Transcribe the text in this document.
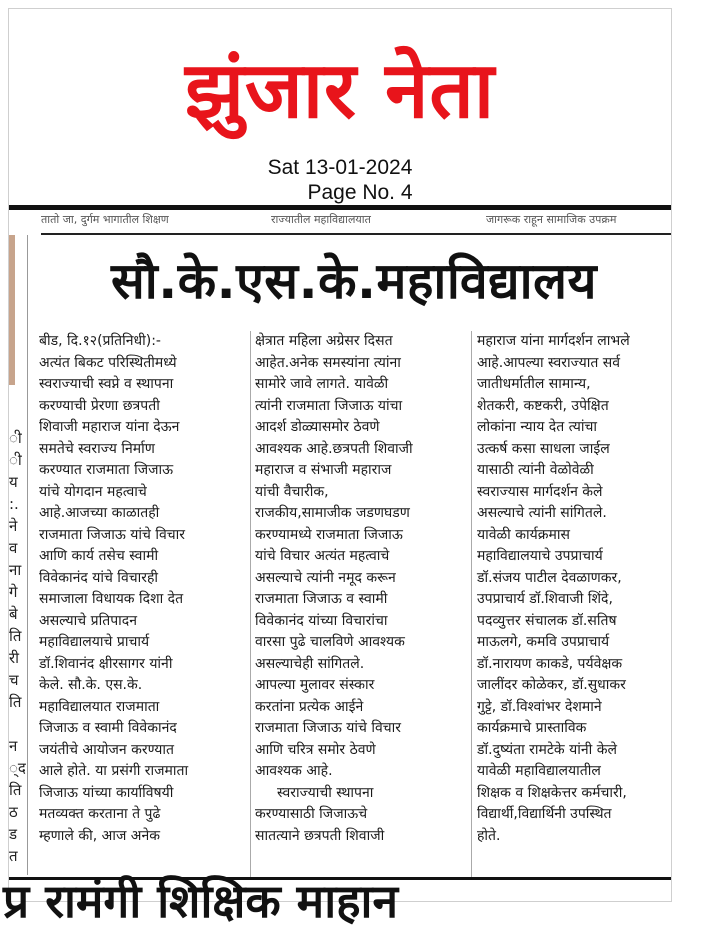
झुंजार नेता
Sat 13-01-2024
Page No. 4
तातो जा, दुर्गम भागातील शिक्षण	राज्यातील महाविद्यालयात	जागरूक राहून सामाजिक उपक्रम
ी
ी
य
:.
ने
व
ना
गे
बे
ति
री
च
ति
न
्द
ति
ठ
ड
त
सौ.के.एस.के.महाविद्यालय
बीड, दि.१२(प्रतिनिधी):-
अत्यंत बिकट परिस्थितीमध्ये
स्वराज्याची स्वप्ने व स्थापना
करण्याची प्रेरणा छत्रपती
शिवाजी महाराज यांना देऊन
समतेचे स्वराज्य निर्माण
करण्यात राजमाता जिजाऊ
यांचे योगदान महत्वाचे
आहे.आजच्या काळातही
राजमाता जिजाऊ यांचे विचार
आणि कार्य तसेच स्वामी
विवेकानंद यांचे विचारही
समाजाला विधायक दिशा देत
असल्याचे प्रतिपादन
महाविद्यालयाचे प्राचार्य
डॉ.शिवानंद क्षीरसागर यांनी
केले. सौ.के. एस.के.
महाविद्यालयात राजमाता
जिजाऊ व स्वामी विवेकानंद
जयंतीचे आयोजन करण्यात
आले होते. या प्रसंगी राजमाता
जिजाऊ यांच्या कार्याविषयी
मतव्यक्त करताना ते पुढे
म्हणाले की, आज अनेक
क्षेत्रात महिला अग्रेसर दिसत
आहेत.अनेक समस्यांना त्यांना
सामोरे जावे लागते. यावेळी
त्यांनी राजमाता जिजाऊ यांचा
आदर्श डोळ्यासमोर ठेवणे
आवश्यक आहे.छत्रपती शिवाजी
महाराज व संभाजी महाराज
यांची वैचारीक,
राजकीय,सामाजीक जडणघडण
करण्यामध्ये राजमाता जिजाऊ
यांचे विचार अत्यंत महत्वाचे
असल्याचे त्यांनी नमूद करून
राजमाता जिजाऊ व स्वामी
विवेकानंद यांच्या विचारांचा
वारसा पुढे चालविणे आवश्यक
असल्याचेही सांगितले.
आपल्या मुलावर संस्कार
करतांना प्रत्येक आईने
राजमाता जिजाऊ यांचे विचार
आणि चरित्र समोर ठेवणे
आवश्यक आहे.
स्वराज्याची स्थापना
करण्यासाठी जिजाऊचे
सातत्याने छत्रपती शिवाजी
महाराज यांना मार्गदर्शन लाभले
आहे.आपल्या स्वराज्यात सर्व
जातीधर्मातील सामान्य,
शेतकरी, कष्टकरी, उपेक्षित
लोकांना न्याय देत त्यांचा
उत्कर्ष कसा साधला जाईल
यासाठी त्यांनी वेळोवेळी
स्वराज्यास मार्गदर्शन केले
असल्याचे त्यांनी सांगितले.
यावेळी कार्यक्रमास
महाविद्यालयाचे उपप्राचार्य
डॉ.संजय पाटील देवळाणकर,
उपप्राचार्य डॉ.शिवाजी शिंदे,
पदव्युत्तर संचालक डॉ.सतिष
माऊलगे, कमवि उपप्राचार्य
डॉ.नारायण काकडे, पर्यवेक्षक
जालींदर कोळेकर, डॉ.सुधाकर
गुट्टे, डॉ.विश्वांभर देशमाने
कार्यक्रमाचे प्रास्ताविक
डॉ.दुष्यंता रामटेके यांनी केले
यावेळी महाविद्यालयातील
शिक्षक व शिक्षकेत्तर कर्मचारी,
विद्यार्थी,विद्यार्थिनी उपस्थित
होते.
प्र रामंगी शिक्षिक माहान
